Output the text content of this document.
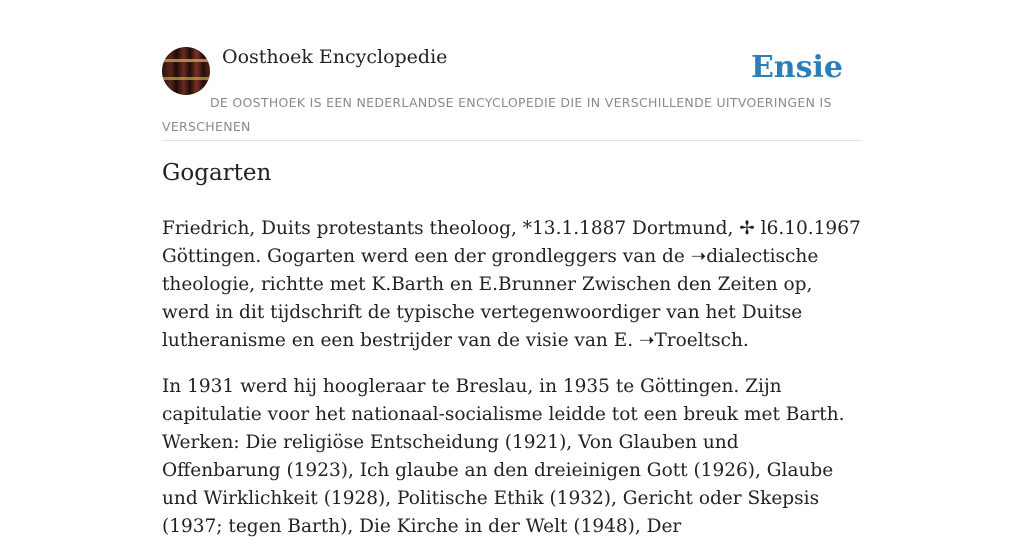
Oosthoek Encyclopedie	Ensie
DE OOSTHOEK IS EEN NEDERLANDSE ENCYCLOPEDIE DIE IN VERSCHILLENDE UITVOERINGEN IS VERSCHENEN
Gogarten

Friedrich, Duits protestants theoloog, *13.1.1887 Dortmund, ✢ l6.10.1967 Göttingen. Gogarten werd een der grondleggers van de ➝dialectische theologie, richtte met K.Barth en E.Brunner Zwischen den Zeiten op, werd in dit tijdschrift de typische vertegenwoordiger van het Duitse lutheranisme en een bestrijder van de visie van E. ➝Troeltsch.

In 1931 werd hij hoogleraar te Breslau, in 1935 te Göttingen. Zijn capitulatie voor het nationaal-socialisme leidde tot een breuk met Barth. Werken: Die religiöse Entscheidung (1921), Von Glauben und Offenbarung (1923), Ich glaube an den dreieinigen Gott (1926), Glaube und Wirklichkeit (1928), Politische Ethik (1932), Gericht oder Skepsis (1937; tegen Barth), Die Kirche in der Welt (1948), Der
